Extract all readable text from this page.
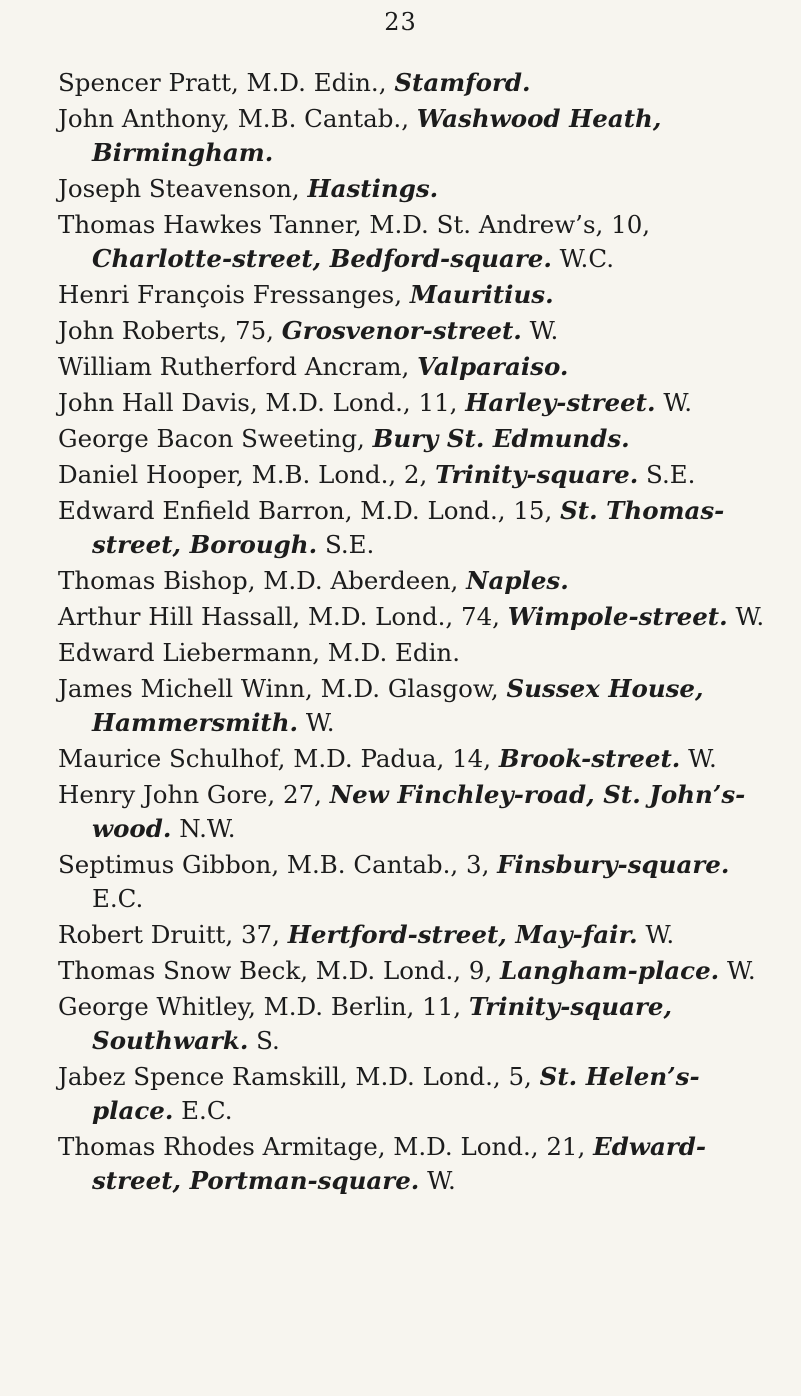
23

Spencer Pratt, M.D. Edin., Stamford.

John Anthony, M.B. Cantab., Washwood Heath, Birmingham.

Joseph Steavenson, Hastings.

Thomas Hawkes Tanner, M.D. St. Andrew’s, 10, Charlotte-street, Bedford-square. W.C.

Henri François Fressanges, Mauritius.

John Roberts, 75, Grosvenor-street. W.

William Rutherford Ancram, Valparaiso.

John Hall Davis, M.D. Lond., 11, Harley-street. W.

George Bacon Sweeting, Bury St. Edmunds.

Daniel Hooper, M.B. Lond., 2, Trinity-square. S.E.

Edward Enfield Barron, M.D. Lond., 15, St. Thomas-street, Borough. S.E.

Thomas Bishop, M.D. Aberdeen, Naples.

Arthur Hill Hassall, M.D. Lond., 74, Wimpole-street. W.

Edward Liebermann, M.D. Edin.

James Michell Winn, M.D. Glasgow, Sussex House, Hammersmith. W.

Maurice Schulhof, M.D. Padua, 14, Brook-street. W.

Henry John Gore, 27, New Finchley-road, St. John’s-wood. N.W.

Septimus Gibbon, M.B. Cantab., 3, Finsbury-square. E.C.

Robert Druitt, 37, Hertford-street, May-fair. W.

Thomas Snow Beck, M.D. Lond., 9, Langham-place. W.

George Whitley, M.D. Berlin, 11, Trinity-square, Southwark. S.

Jabez Spence Ramskill, M.D. Lond., 5, St. Helen’s-place. E.C.

Thomas Rhodes Armitage, M.D. Lond., 21, Edward-street, Portman-square. W.
